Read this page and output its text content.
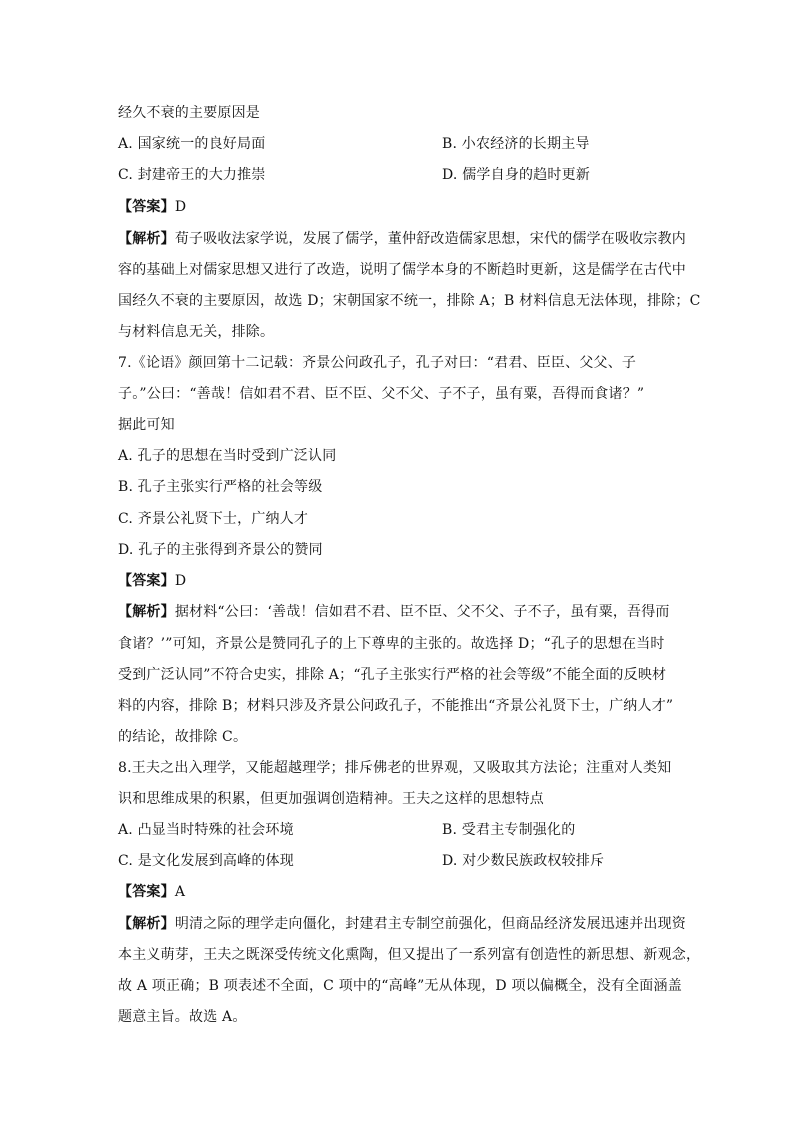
经久不衰的主要原因是
A. 国家统一的良好局面	B. 小农经济的长期主导
C. 封建帝王的大力推崇	D. 儒学自身的趋时更新
【答案】D
【解析】荀子吸收法家学说，发展了儒学，董仲舒改造儒家思想，宋代的儒学在吸收宗教内
容的基础上对儒家思想又进行了改造，说明了儒学本身的不断趋时更新，这是儒学在古代中
国经久不衰的主要原因，故选 D；宋朝国家不统一，排除 A；B 材料信息无法体现，排除；C
与材料信息无关，排除。
7.《论语》颜回第十二记载：齐景公问政孔子，孔子对曰：“君君、臣臣、父父、子
子。”公曰：“善哉！信如君不君、臣不臣、父不父、子不子，虽有粟，吾得而食诸？”
据此可知
A. 孔子的思想在当时受到广泛认同
B. 孔子主张实行严格的社会等级
C. 齐景公礼贤下士，广纳人才
D. 孔子的主张得到齐景公的赞同
【答案】D
【解析】据材料“公曰：‘善哉！信如君不君、臣不臣、父不父、子不子，虽有粟，吾得而
食诸？’”可知，齐景公是赞同孔子的上下尊卑的主张的。故选择 D；“孔子的思想在当时
受到广泛认同”不符合史实，排除 A；“孔子主张实行严格的社会等级”不能全面的反映材
料的内容，排除 B；材料只涉及齐景公问政孔子，不能推出“齐景公礼贤下士，广纳人才”
的结论，故排除 C。
8.王夫之出入理学，又能超越理学；排斥佛老的世界观，又吸取其方法论；注重对人类知
识和思维成果的积累，但更加强调创造精神。王夫之这样的思想特点
A. 凸显当时特殊的社会环境	B. 受君主专制强化的
C. 是文化发展到高峰的体现	D. 对少数民族政权较排斥
【答案】A
【解析】明清之际的理学走向僵化，封建君主专制空前强化，但商品经济发展迅速并出现资
本主义萌芽，王夫之既深受传统文化熏陶，但又提出了一系列富有创造性的新思想、新观念，
故 A 项正确；B 项表述不全面，C 项中的“高峰”无从体现，D 项以偏概全，没有全面涵盖
题意主旨。故选 A。
